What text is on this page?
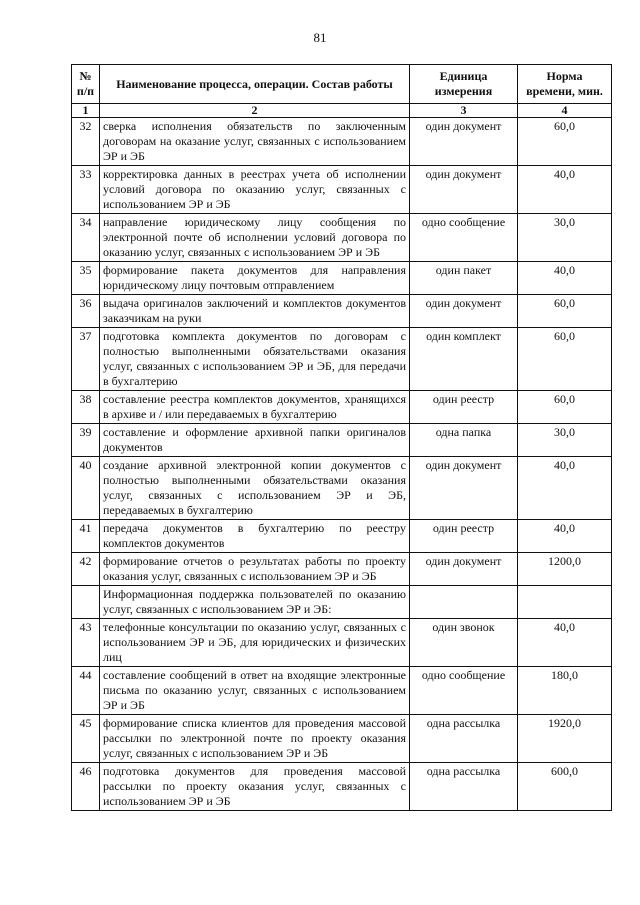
81
№ п/п	Наименование процесса, операции. Состав работы	Единица измерения	Норма времени, мин.
1	2	3	4
32	сверка исполнения обязательств по заключенным договорам на оказание услуг, связанных с использованием ЭР и ЭБ	один документ	60,0
33	корректировка данных в реестрах учета об исполнении условий договора по оказанию услуг, связанных с использованием ЭР и ЭБ	один документ	40,0
34	направление юридическому лицу сообщения по электронной почте об исполнении условий договора по оказанию услуг, связанных с использованием ЭР и ЭБ	одно сообщение	30,0
35	формирование пакета документов для направления юридическому лицу почтовым отправлением	один пакет	40,0
36	выдача оригиналов заключений и комплектов документов заказчикам на руки	один документ	60,0
37	подготовка комплекта документов по договорам с полностью выполненными обязательствами оказания услуг, связанных с использованием ЭР и ЭБ, для передачи в бухгалтерию	один комплект	60,0
38	составление реестра комплектов документов, хранящихся в архиве и / или передаваемых в бухгалтерию	один реестр	60,0
39	составление и оформление архивной папки оригиналов документов	одна папка	30,0
40	создание архивной электронной копии документов с полностью выполненными обязательствами оказания услуг, связанных с использованием ЭР и ЭБ, передаваемых в бухгалтерию	один документ	40,0
41	передача документов в бухгалтерию по реестру комплектов документов	один реестр	40,0
42	формирование отчетов о результатах работы по проекту оказания услуг, связанных с использованием ЭР и ЭБ	один документ	1200,0
	Информационная поддержка пользователей по оказанию услуг, связанных с использованием ЭР и ЭБ:		
43	телефонные консультации по оказанию услуг, связанных с использованием ЭР и ЭБ, для юридических и физических лиц	один звонок	40,0
44	составление сообщений в ответ на входящие электронные письма по оказанию услуг, связанных с использованием ЭР и ЭБ	одно сообщение	180,0
45	формирование списка клиентов для проведения массовой рассылки по электронной почте по проекту оказания услуг, связанных с использованием ЭР и ЭБ	одна рассылка	1920,0
46	подготовка документов для проведения массовой рассылки по проекту оказания услуг, связанных с использованием ЭР и ЭБ	одна рассылка	600,0
